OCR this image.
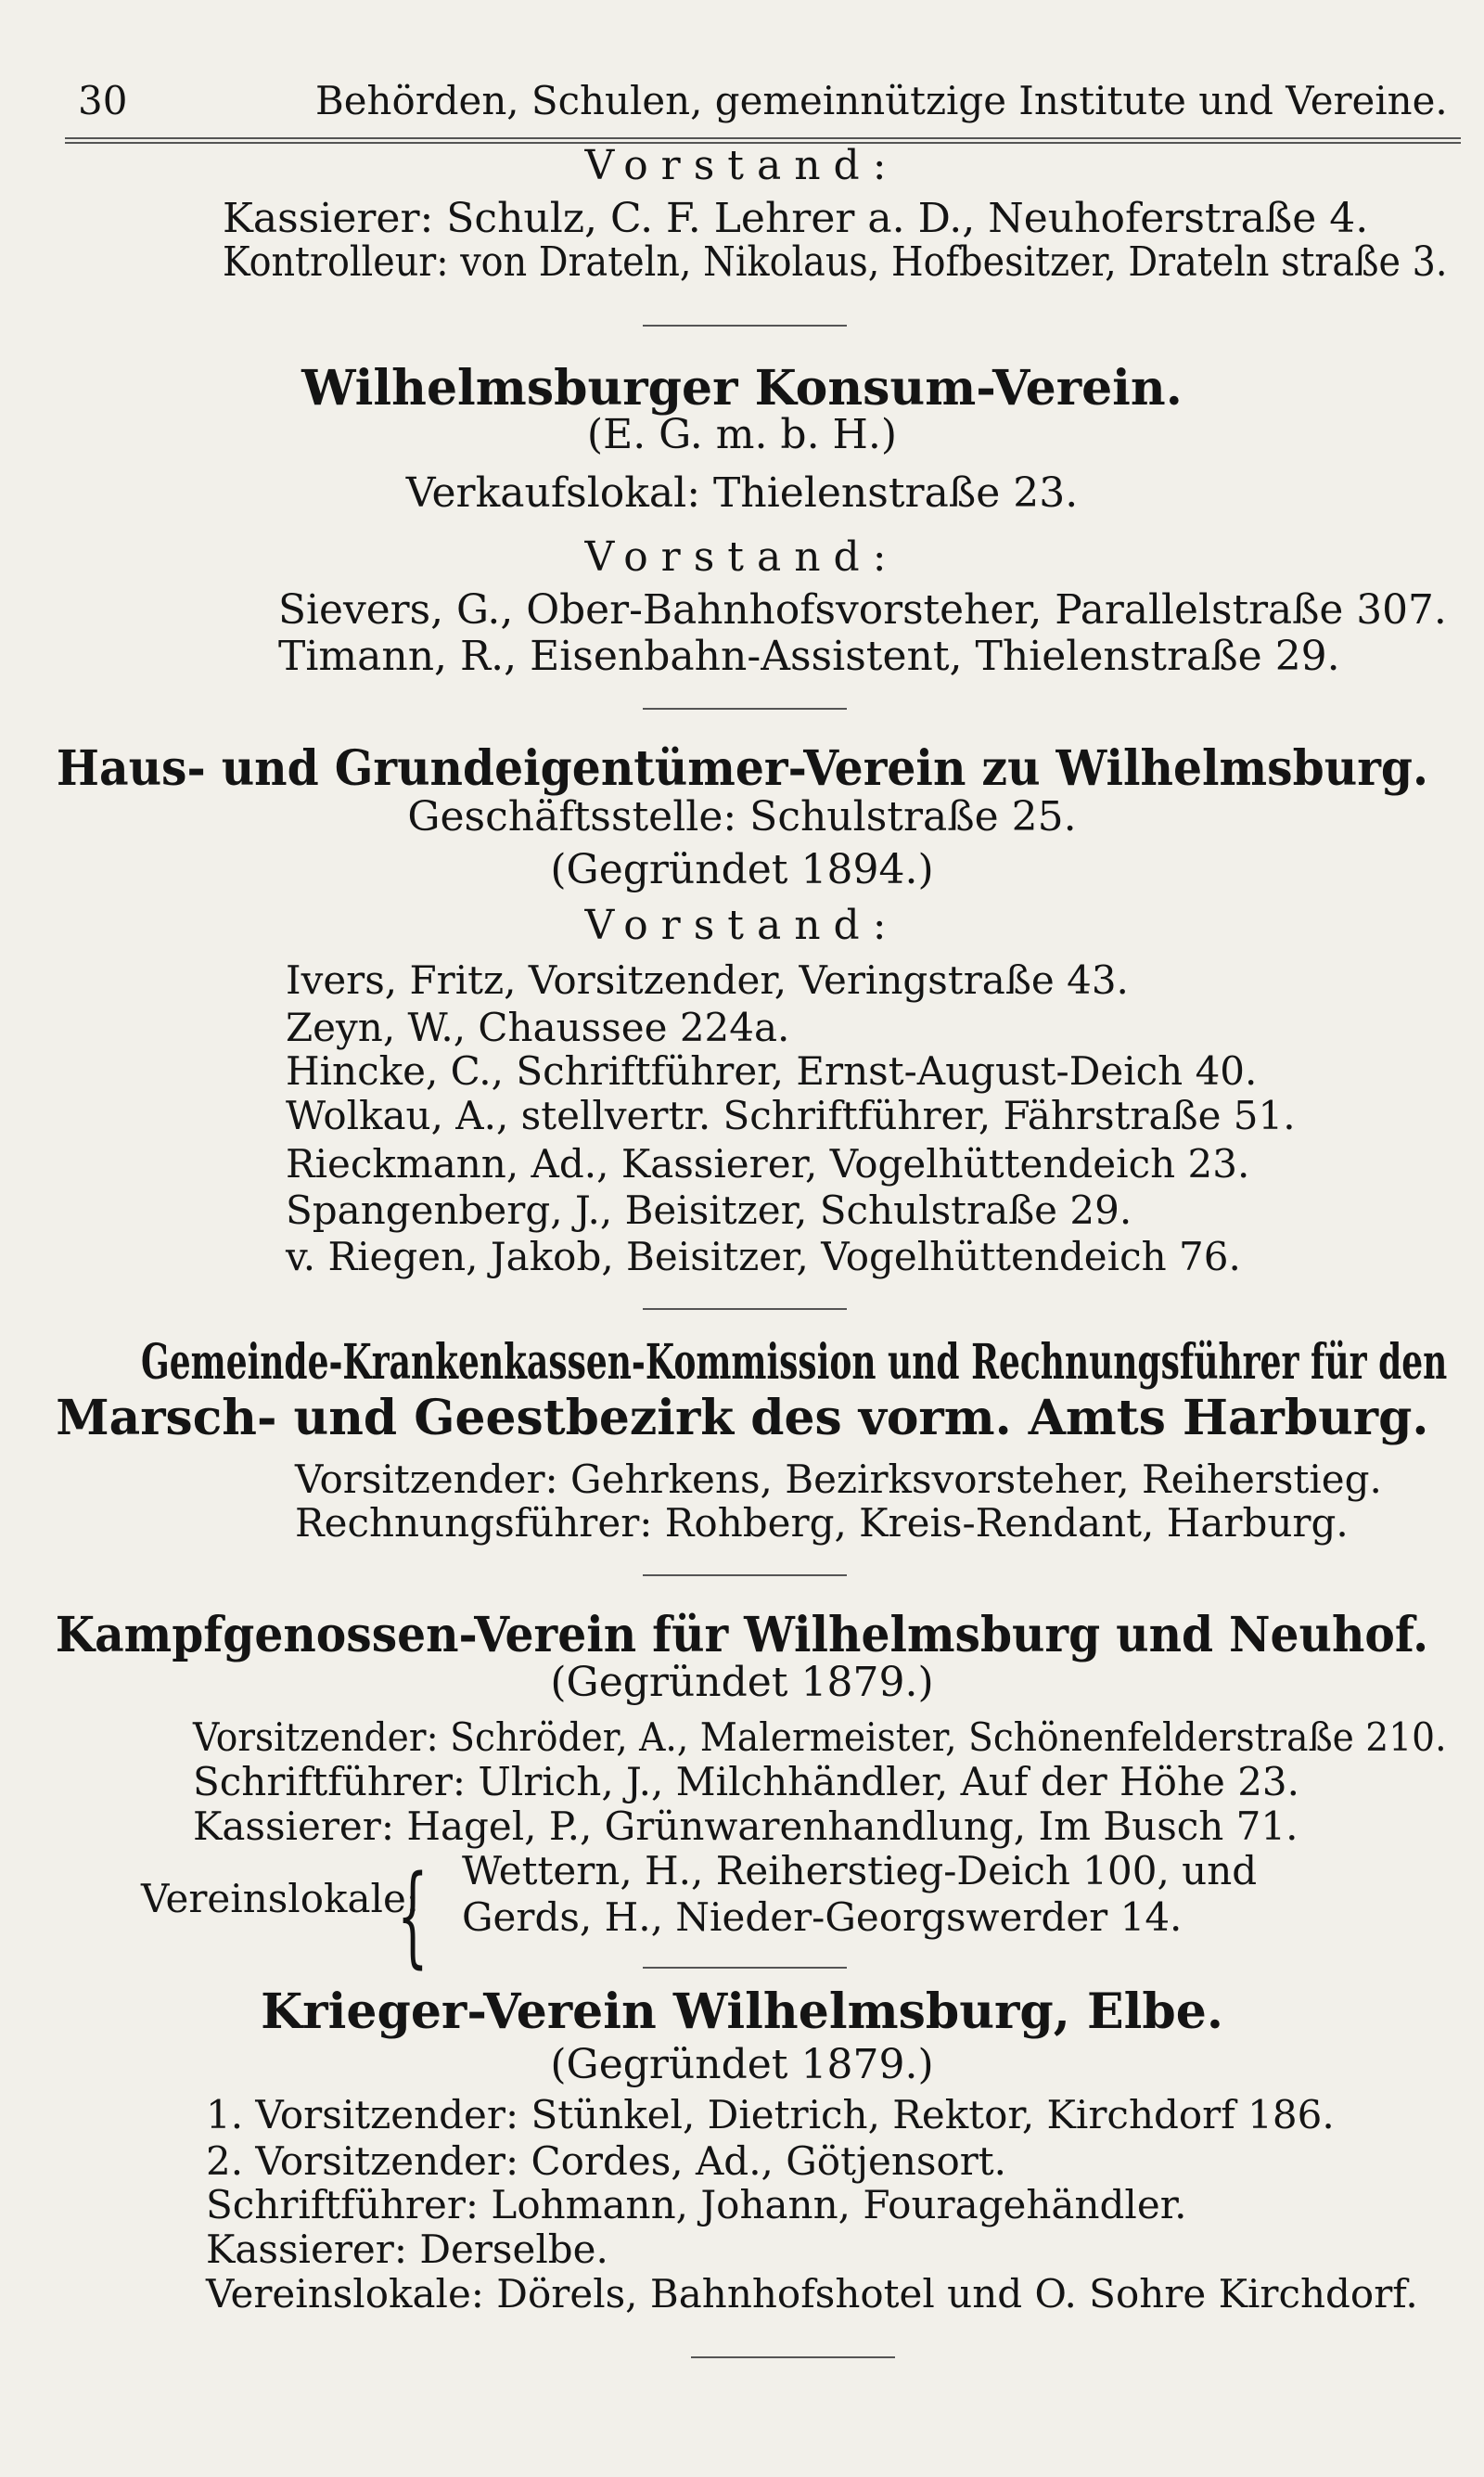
30	Behörden, Schulen, gemeinnützige Institute und Vereine.
Vorstand:
Kassierer: Schulz, C. F. Lehrer a. D., Neuhoferstraße 4.
Kontrolleur: von Drateln, Nikolaus, Hofbesitzer, Drateln straße 3.
Wilhelmsburger Konsum-Verein.
(E. G. m. b. H.)
Verkaufslokal: Thielenstraße 23.
Vorstand:
Sievers, G., Ober-Bahnhofsvorsteher, Parallelstraße 307.
Timann, R., Eisenbahn-Assistent, Thielenstraße 29.
Haus- und Grundeigentümer-Verein zu Wilhelmsburg.
Geschäftsstelle: Schulstraße 25.
(Gegründet 1894.)
Vorstand:
Ivers, Fritz, Vorsitzender, Veringstraße 43.
Zeyn, W., Chaussee 224a.
Hincke, C., Schriftführer, Ernst-August-Deich 40.
Wolkau, A., stellvertr. Schriftführer, Fährstraße 51.
Rieckmann, Ad., Kassierer, Vogelhüttendeich 23.
Spangenberg, J., Beisitzer, Schulstraße 29.
v. Riegen, Jakob, Beisitzer, Vogelhüttendeich 76.
Gemeinde-Krankenkassen-Kommission und Rechnungsführer für den
Marsch- und Geestbezirk des vorm. Amts Harburg.
Vorsitzender: Gehrkens, Bezirksvorsteher, Reiherstieg.
Rechnungsführer: Rohberg, Kreis-Rendant, Harburg.
Kampfgenossen-Verein für Wilhelmsburg und Neuhof.
(Gegründet 1879.)
Vorsitzender: Schröder, A., Malermeister, Schönenfelderstraße 210.
Schriftführer: Ulrich, J., Milchhändler, Auf der Höhe 23.
Kassierer: Hagel, P., Grünwarenhandlung, Im Busch 71.
Vereinslokale:
{ Wettern, H., Reiherstieg-Deich 100, und
Gerds, H., Nieder-Georgswerder 14.
Krieger-Verein Wilhelmsburg, Elbe.
(Gegründet 1879.)
1. Vorsitzender: Stünkel, Dietrich, Rektor, Kirchdorf 186.
2. Vorsitzender: Cordes, Ad., Götjensort.
Schriftführer: Lohmann, Johann, Fouragehändler.
Kassierer: Derselbe.
Vereinslokale: Dörels, Bahnhofshotel und O. Sohre Kirchdorf.
